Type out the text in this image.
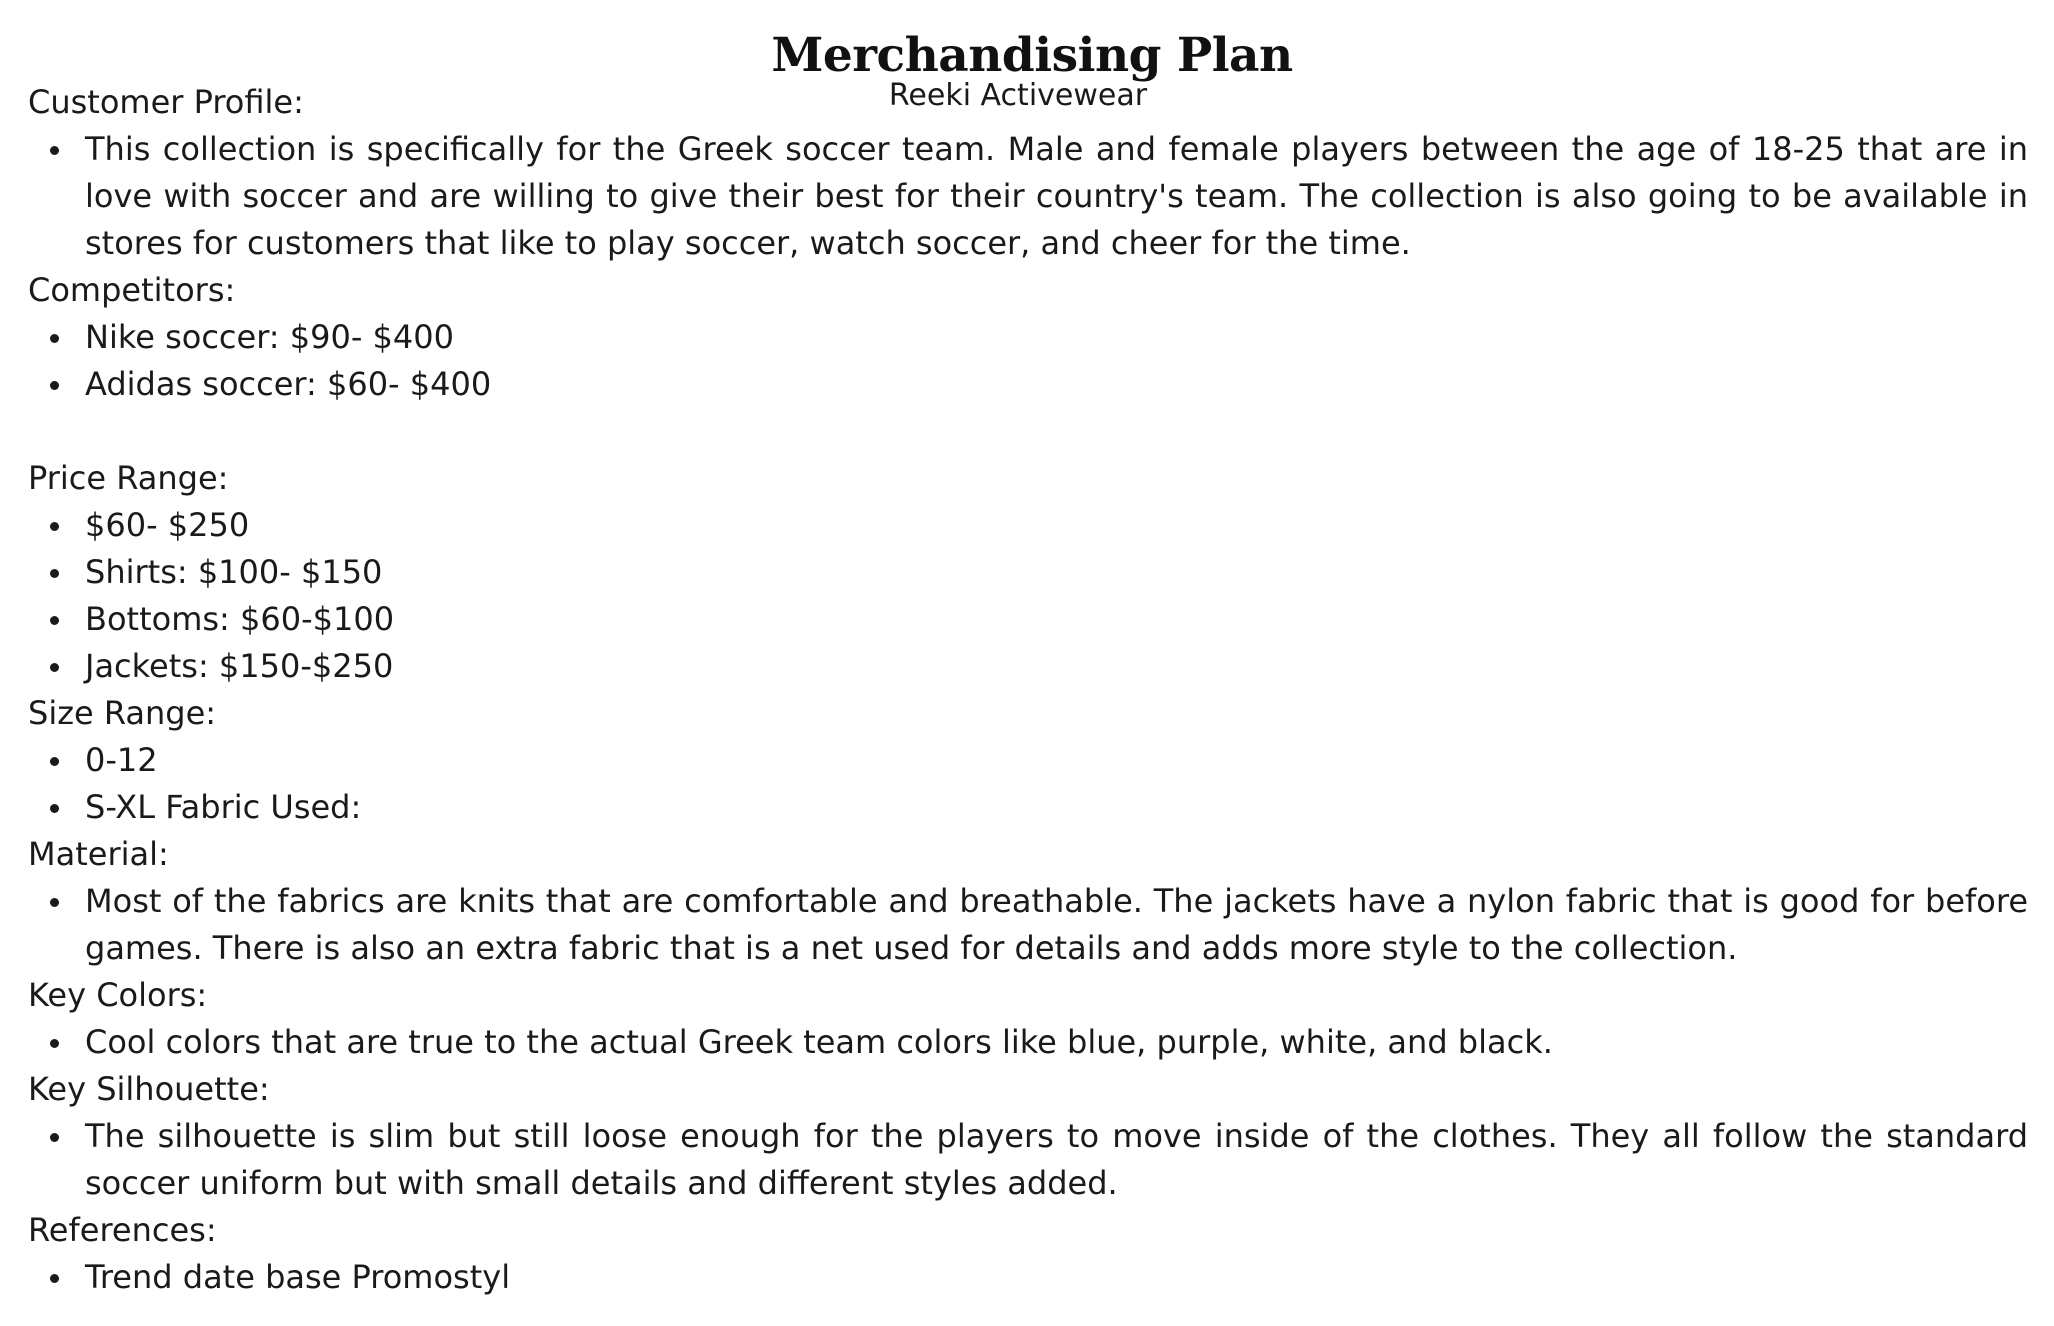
Merchandising Plan
Reeki Activewear
Customer Profile:
This collection is specifically for the Greek soccer team. Male and female players between the age of 18-25 that are in love with soccer and are willing to give their best for their country's team. The collection is also going to be available in stores for customers that like to play soccer, watch soccer, and cheer for the time.
Competitors:
Nike soccer: $90- $400
Adidas soccer: $60- $400
Price Range:
$60- $250
Shirts: $100- $150
Bottoms: $60-$100
Jackets: $150-$250
Size Range:
0-12
S-XL Fabric Used:
Material:
Most of the fabrics are knits that are comfortable and breathable. The jackets have a nylon fabric that is good for before games. There is also an extra fabric that is a net used for details and adds more style to the collection.
Key Colors:
Cool colors that are true to the actual Greek team colors like blue, purple, white, and black.
Key Silhouette:
The silhouette is slim but still loose enough for the players to move inside of the clothes. They all follow the standard soccer uniform but with small details and different styles added.
References:
Trend date base Promostyl
